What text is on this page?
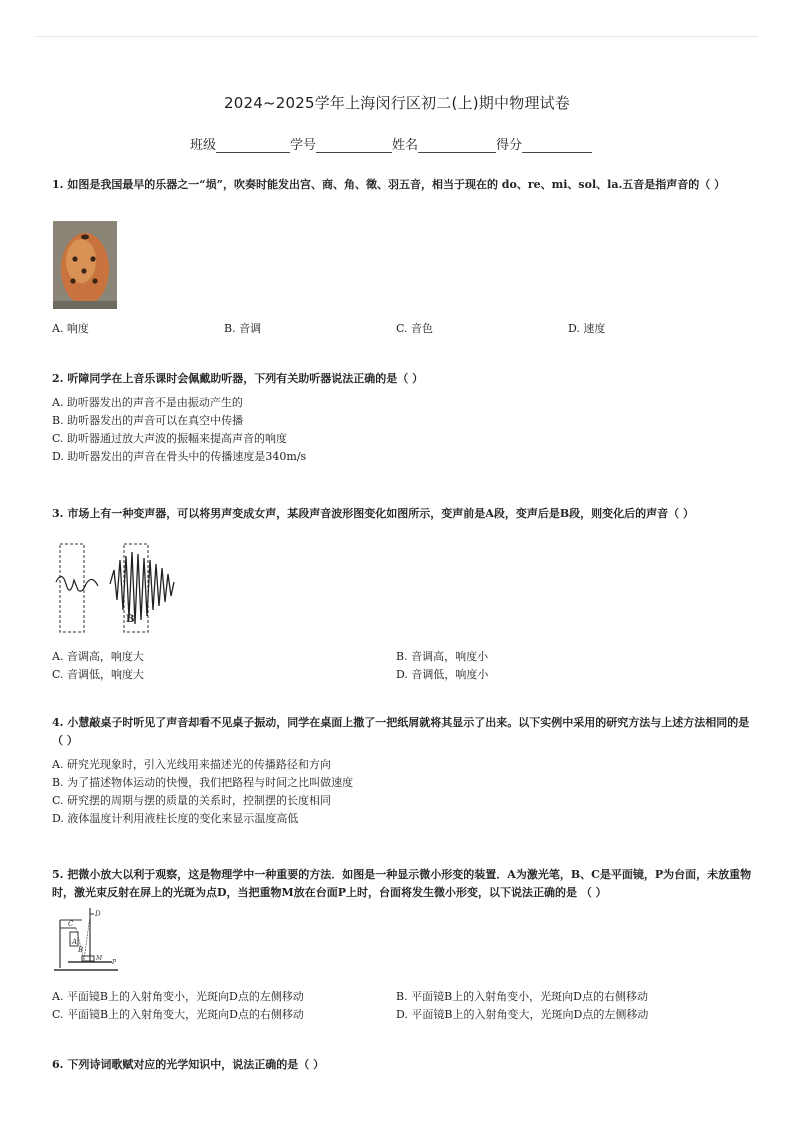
2024~2025学年上海闵行区初二(上)期中物理试卷
班级	学号	姓名	得分
1. 如图是我国最早的乐器之一“埙”，吹奏时能发出宫、商、角、徵、羽五音，相当于现在的 do、re、mi、sol、la.五音是指声音的（ ）
A. 响度	B. 音调	C. 音色	D. 速度
2. 听障同学在上音乐课时会佩戴助听器，下列有关助听器说法正确的是（ ）
A. 助听器发出的声音不是由振动产生的
B. 助听器发出的声音可以在真空中传播
C. 助听器通过放大声波的振幅来提高声音的响度
D. 助听器发出的声音在骨头中的传播速度是340m/s
3. 市场上有一种变声器，可以将男声变成女声，某段声音波形图变化如图所示，变声前是A段，变声后是B段，则变化后的声音（ ）
A	B
A. 音调高，响度大	B. 音调高，响度小
C. 音调低，响度大	D. 音调低，响度小
4. 小慧敲桌子时听见了声音却看不见桌子振动，同学在桌面上撒了一把纸屑就将其显示了出来。以下实例中采用的研究方法与上述方法相同的是（ ）
A. 研究光现象时，引入光线用来描述光的传播路径和方向
B. 为了描述物体运动的快慢，我们把路程与时间之比叫做速度
C. 研究摆的周期与摆的质量的关系时，控制摆的长度相同
D. 液体温度计利用液柱长度的变化来显示温度高低
5. 把微小放大以利于观察，这是物理学中一种重要的方法．如图是一种显示微小形变的装置．A为激光笔，B、C是平面镜，P为台面，未放重物时，激光束反射在屏上的光斑为点D，当把重物M放在台面P上时，台面将发生微小形变，以下说法正确的是 （ ）
D
C
A
B
M
P
A. 平面镜B上的入射角变小，光斑向D点的左侧移动	B. 平面镜B上的入射角变小，光斑向D点的右侧移动
C. 平面镜B上的入射角变大，光斑向D点的右侧移动	D. 平面镜B上的入射角变大，光斑向D点的左侧移动
6. 下列诗词歌赋对应的光学知识中，说法正确的是（ ）
